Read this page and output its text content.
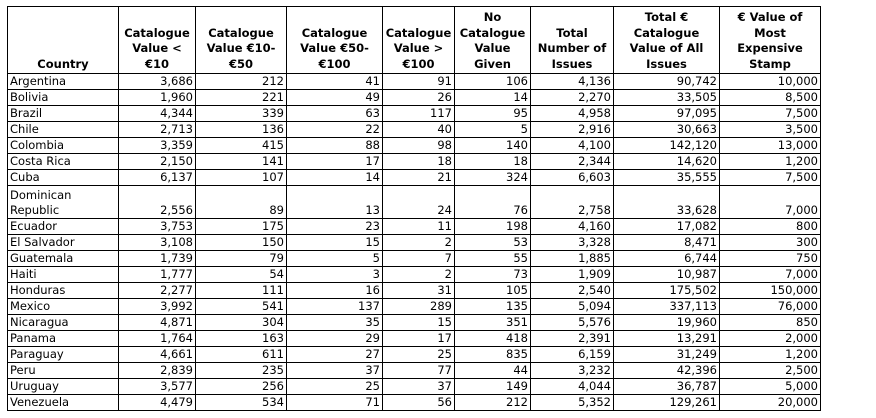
Country	Catalogue Value < €10	Catalogue Value €10-€50	Catalogue Value €50-€100	Catalogue Value > €100	No Catalogue Value Given	Total Number of Issues	Total € Catalogue Value of All Issues	€ Value of Most Expensive Stamp
Argentina	3,686	212	41	91	106	4,136	90,742	10,000
Bolivia	1,960	221	49	26	14	2,270	33,505	8,500
Brazil	4,344	339	63	117	95	4,958	97,095	7,500
Chile	2,713	136	22	40	5	2,916	30,663	3,500
Colombia	3,359	415	88	98	140	4,100	142,120	13,000
Costa Rica	2,150	141	17	18	18	2,344	14,620	1,200
Cuba	6,137	107	14	21	324	6,603	35,555	7,500
Dominican Republic	2,556	89	13	24	76	2,758	33,628	7,000
Ecuador	3,753	175	23	11	198	4,160	17,082	800
El Salvador	3,108	150	15	2	53	3,328	8,471	300
Guatemala	1,739	79	5	7	55	1,885	6,744	750
Haiti	1,777	54	3	2	73	1,909	10,987	7,000
Honduras	2,277	111	16	31	105	2,540	175,502	150,000
Mexico	3,992	541	137	289	135	5,094	337,113	76,000
Nicaragua	4,871	304	35	15	351	5,576	19,960	850
Panama	1,764	163	29	17	418	2,391	13,291	2,000
Paraguay	4,661	611	27	25	835	6,159	31,249	1,200
Peru	2,839	235	37	77	44	3,232	42,396	2,500
Uruguay	3,577	256	25	37	149	4,044	36,787	5,000
Venezuela	4,479	534	71	56	212	5,352	129,261	20,000
